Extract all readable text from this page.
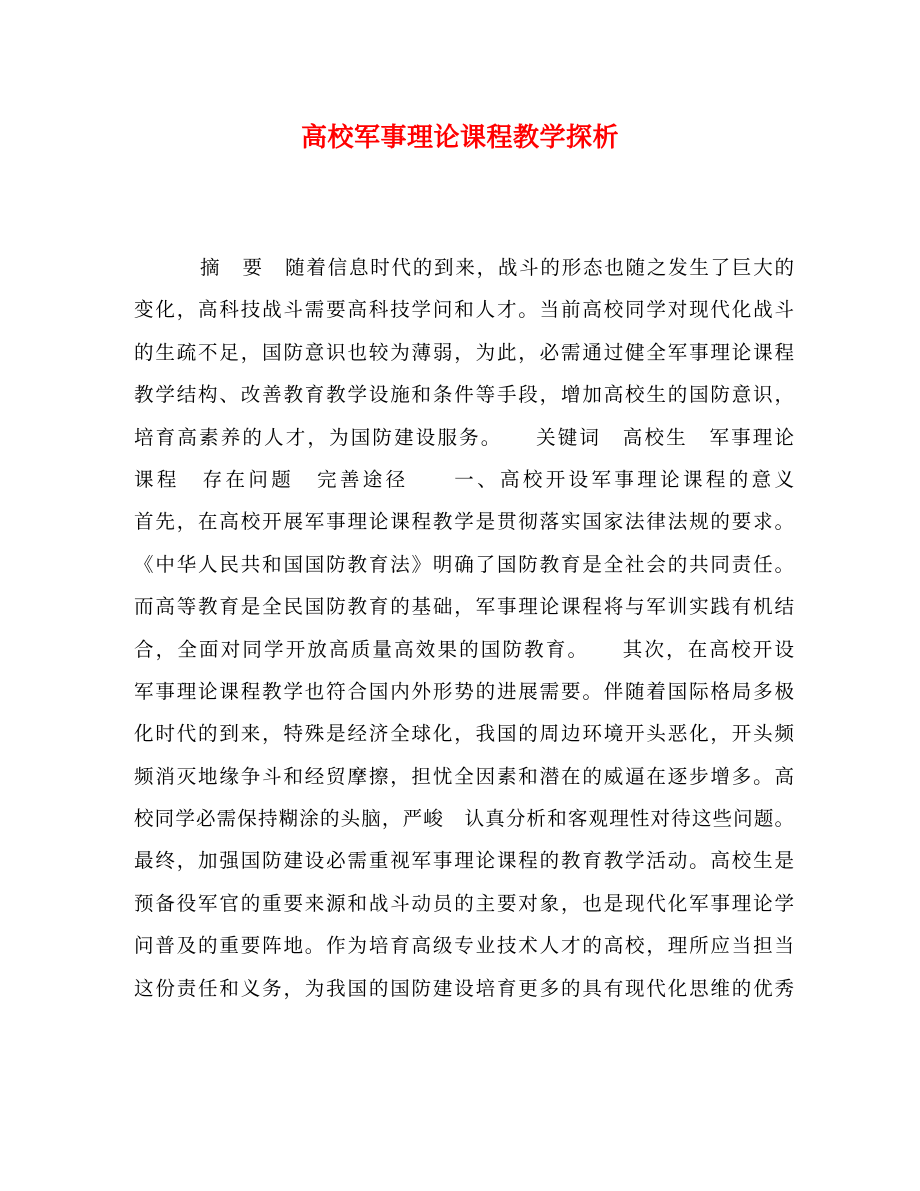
高校军事理论课程教学探析
摘　要　随着信息时代的到来，战斗的形态也随之发生了巨大的
变化，高科技战斗需要高科技学问和人才。当前高校同学对现代化战斗
的生疏不足，国防意识也较为薄弱，为此，必需通过健全军事理论课程
教学结构、改善教育教学设施和条件等手段，增加高校生的国防意识，
培育高素养的人才，为国防建设服务。　　关键词　高校生　军事理论
课程　存在问题　完善途径　　一、高校开设军事理论课程的意义
首先，在高校开展军事理论课程教学是贯彻落实国家法律法规的要求。
《中华人民共和国国防教育法》明确了国防教育是全社会的共同责任。
而高等教育是全民国防教育的基础，军事理论课程将与军训实践有机结
合，全面对同学开放高质量高效果的国防教育。　　其次，在高校开设
军事理论课程教学也符合国内外形势的进展需要。伴随着国际格局多极
化时代的到来，特殊是经济全球化，我国的周边环境开头恶化，开头频
频消灭地缘争斗和经贸摩擦，担忧全因素和潜在的威逼在逐步增多。高
校同学必需保持糊涂的头脑，严峻　认真分析和客观理性对待这些问题。
最终，加强国防建设必需重视军事理论课程的教育教学活动。高校生是
预备役军官的重要来源和战斗动员的主要对象，也是现代化军事理论学
问普及的重要阵地。作为培育高级专业技术人才的高校，理所应当担当
这份责任和义务，为我国的国防建设培育更多的具有现代化思维的优秀
